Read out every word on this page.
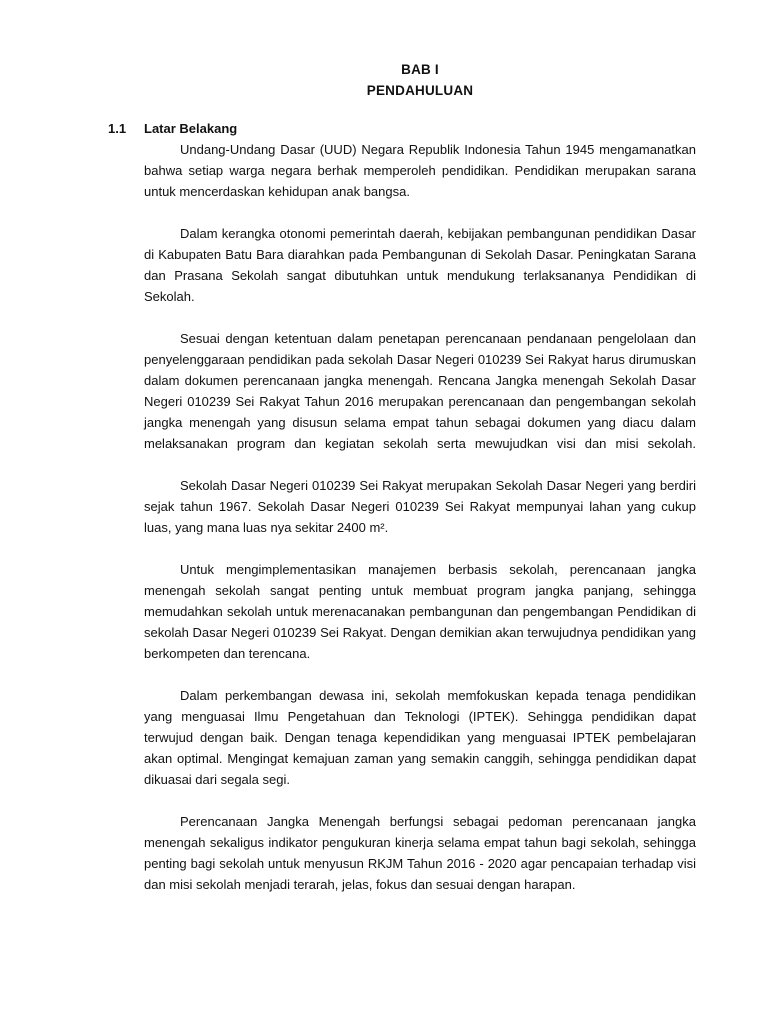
BAB I
PENDAHULUAN
1.1 Latar Belakang

Undang-Undang Dasar (UUD) Negara Republik Indonesia Tahun 1945 mengamanatkan bahwa setiap warga negara berhak memperoleh pendidikan. Pendidikan merupakan sarana untuk mencerdaskan kehidupan anak bangsa.

Dalam kerangka otonomi pemerintah daerah, kebijakan pembangunan pendidikan Dasar di Kabupaten Batu Bara diarahkan pada Pembangunan di Sekolah Dasar. Peningkatan Sarana dan Prasana Sekolah sangat dibutuhkan untuk mendukung terlaksananya Pendidikan di Sekolah.

Sesuai dengan ketentuan dalam penetapan perencanaan pendanaan pengelolaan dan penyelenggaraan pendidikan pada sekolah Dasar Negeri 010239 Sei Rakyat harus dirumuskan dalam dokumen perencanaan jangka menengah. Rencana Jangka menengah Sekolah Dasar Negeri 010239 Sei Rakyat Tahun 2016 merupakan perencanaan dan pengembangan sekolah jangka menengah yang disusun selama empat tahun sebagai dokumen yang diacu dalam melaksanakan program dan kegiatan sekolah serta mewujudkan visi dan misi sekolah.

Sekolah Dasar Negeri 010239 Sei Rakyat merupakan Sekolah Dasar Negeri yang berdiri sejak tahun 1967. Sekolah Dasar Negeri 010239 Sei Rakyat mempunyai lahan yang cukup luas, yang mana luas nya sekitar 2400 m².

Untuk mengimplementasikan manajemen berbasis sekolah, perencanaan jangka menengah sekolah sangat penting untuk membuat program jangka panjang, sehingga memudahkan sekolah untuk merenacanakan pembangunan dan pengembangan Pendidikan di sekolah Dasar Negeri 010239 Sei Rakyat. Dengan demikian akan terwujudnya pendidikan yang berkompeten dan terencana.

Dalam perkembangan dewasa ini, sekolah memfokuskan kepada tenaga pendidikan yang menguasai Ilmu Pengetahuan dan Teknologi (IPTEK). Sehingga pendidikan dapat terwujud dengan baik. Dengan tenaga kependidikan yang menguasai IPTEK pembelajaran akan optimal. Mengingat kemajuan zaman yang semakin canggih, sehingga pendidikan dapat dikuasai dari segala segi.

Perencanaan Jangka Menengah berfungsi sebagai pedoman perencanaan jangka menengah sekaligus indikator pengukuran kinerja selama empat tahun bagi sekolah, sehingga penting bagi sekolah untuk menyusun RKJM Tahun 2016 - 2020 agar pencapaian terhadap visi dan misi sekolah menjadi terarah, jelas, fokus dan sesuai dengan harapan.
